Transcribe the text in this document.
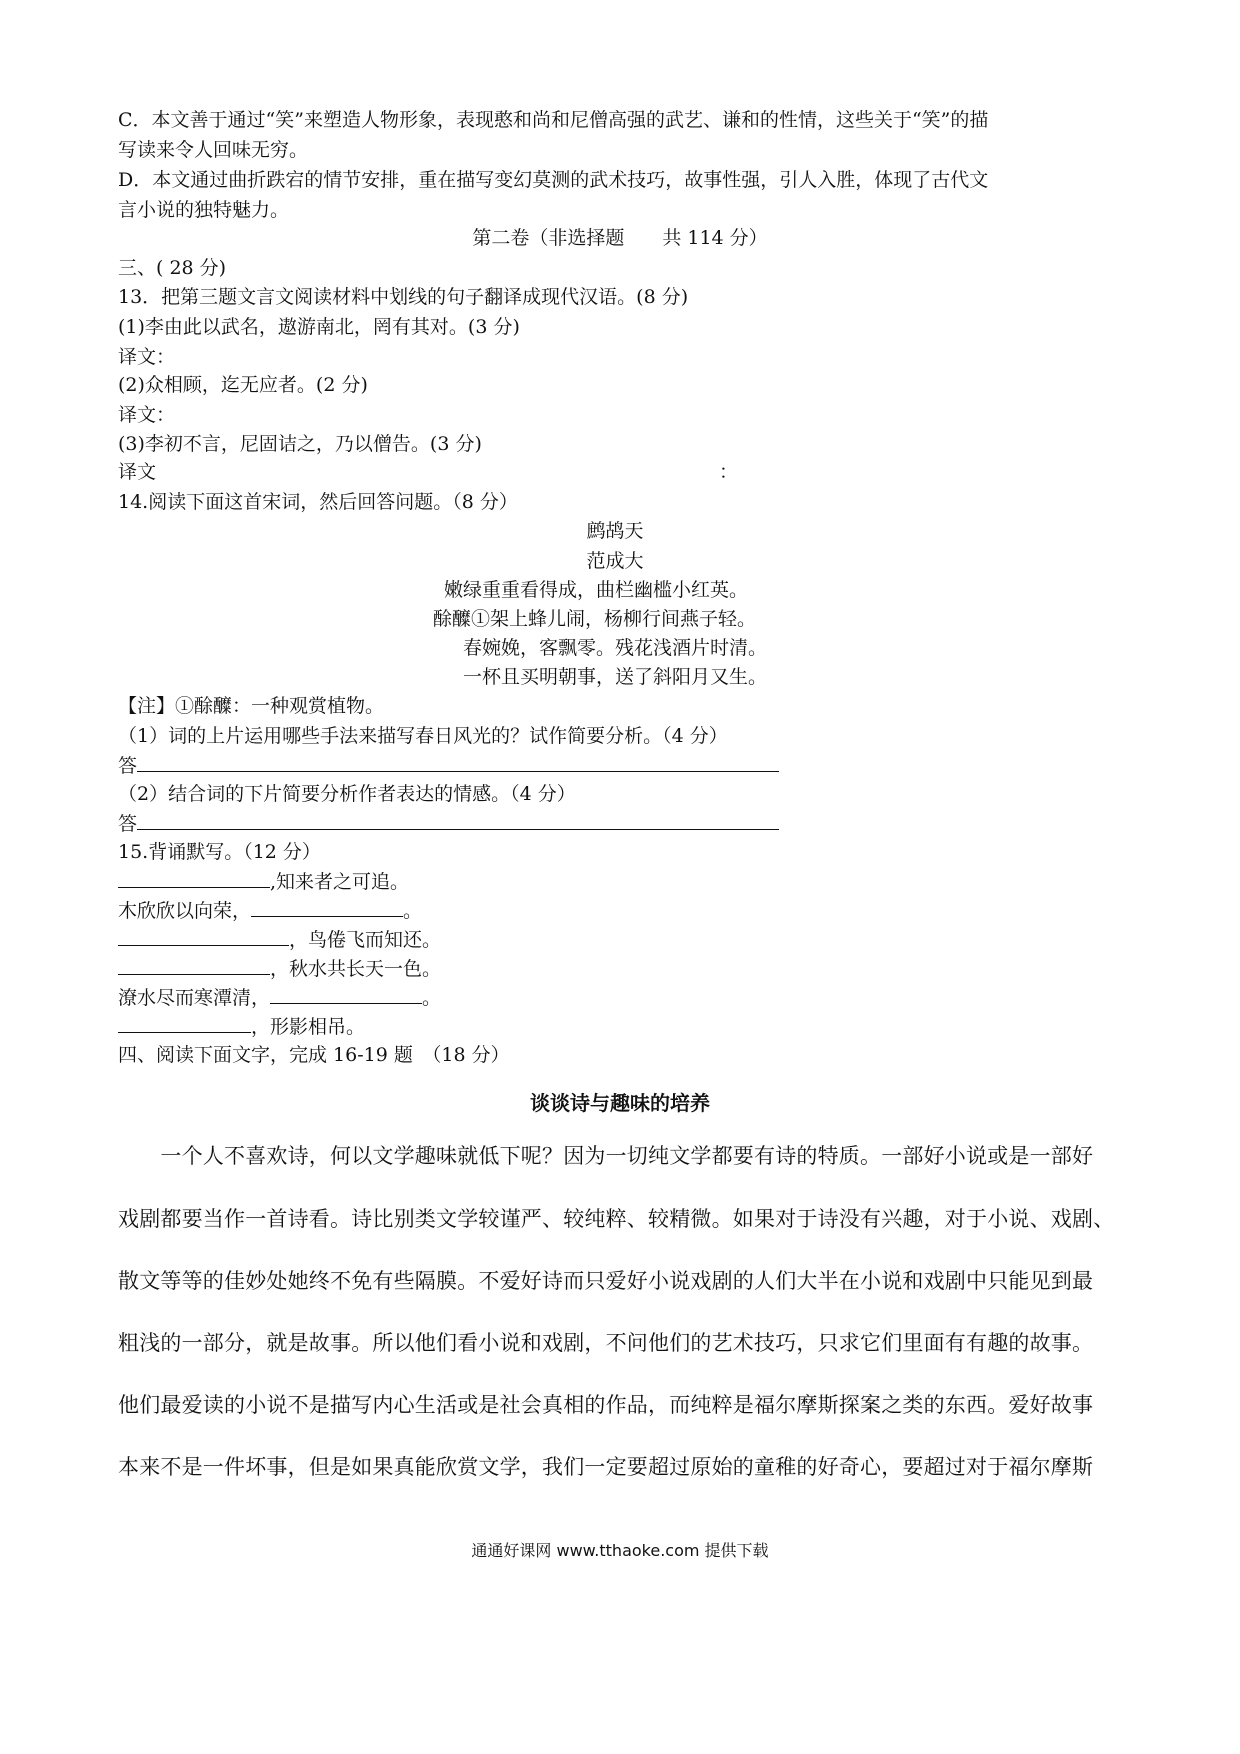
C．本文善于通过“笑”来塑造人物形象，表现憨和尚和尼僧高强的武艺、谦和的性情，这些关于“笑”的描
写读来令人回味无穷。
D．本文通过曲折跌宕的情节安排，重在描写变幻莫测的武术技巧，故事性强，引人入胜，体现了古代文
言小说的独特魅力。
第二卷（非选择题　　共 114 分）
三、( 28 分)
13．把第三题文言文阅读材料中划线的句子翻译成现代汉语。(8 分)
(1)李由此以武名，遨游南北，罔有其对。(3 分)
译文：
(2)众相顾，迄无应者。(2 分)
译文：
(3)李初不言，尼固诘之，乃以僧告。(3 分)
译文	：
14.阅读下面这首宋词，然后回答问题。（8 分）
鹧鸪天
范成大
嫩绿重重看得成，曲栏幽槛小红英。
酴醾①架上蜂儿闹，杨柳行间燕子轻。
春婉娩，客飘零。残花浅酒片时清。
一杯且买明朝事，送了斜阳月又生。
【注】①酴醾：一种观赏植物。
（1）词的上片运用哪些手法来描写春日风光的？试作简要分析。（4 分）
答
（2）结合词的下片简要分析作者表达的情感。（4 分）
答
15.背诵默写。（12 分）
,知来者之可追。
木欣欣以向荣，	。
，鸟倦飞而知还。
，秋水共长天一色。
潦水尽而寒潭清，	。
，形影相吊。
四、阅读下面文字，完成 16-19 题　（18 分）
谈谈诗与趣味的培养
　　一个人不喜欢诗，何以文学趣味就低下呢？因为一切纯文学都要有诗的特质。一部好小说或是一部好
戏剧都要当作一首诗看。诗比别类文学较谨严、较纯粹、较精微。如果对于诗没有兴趣，对于小说、戏剧、
散文等等的佳妙处她终不免有些隔膜。不爱好诗而只爱好小说戏剧的人们大半在小说和戏剧中只能见到最
粗浅的一部分，就是故事。所以他们看小说和戏剧，不问他们的艺术技巧，只求它们里面有有趣的故事。
他们最爱读的小说不是描写内心生活或是社会真相的作品，而纯粹是福尔摩斯探案之类的东西。爱好故事
本来不是一件坏事，但是如果真能欣赏文学，我们一定要超过原始的童稚的好奇心，要超过对于福尔摩斯
通通好课网 www.tthaoke.com 提供下载
